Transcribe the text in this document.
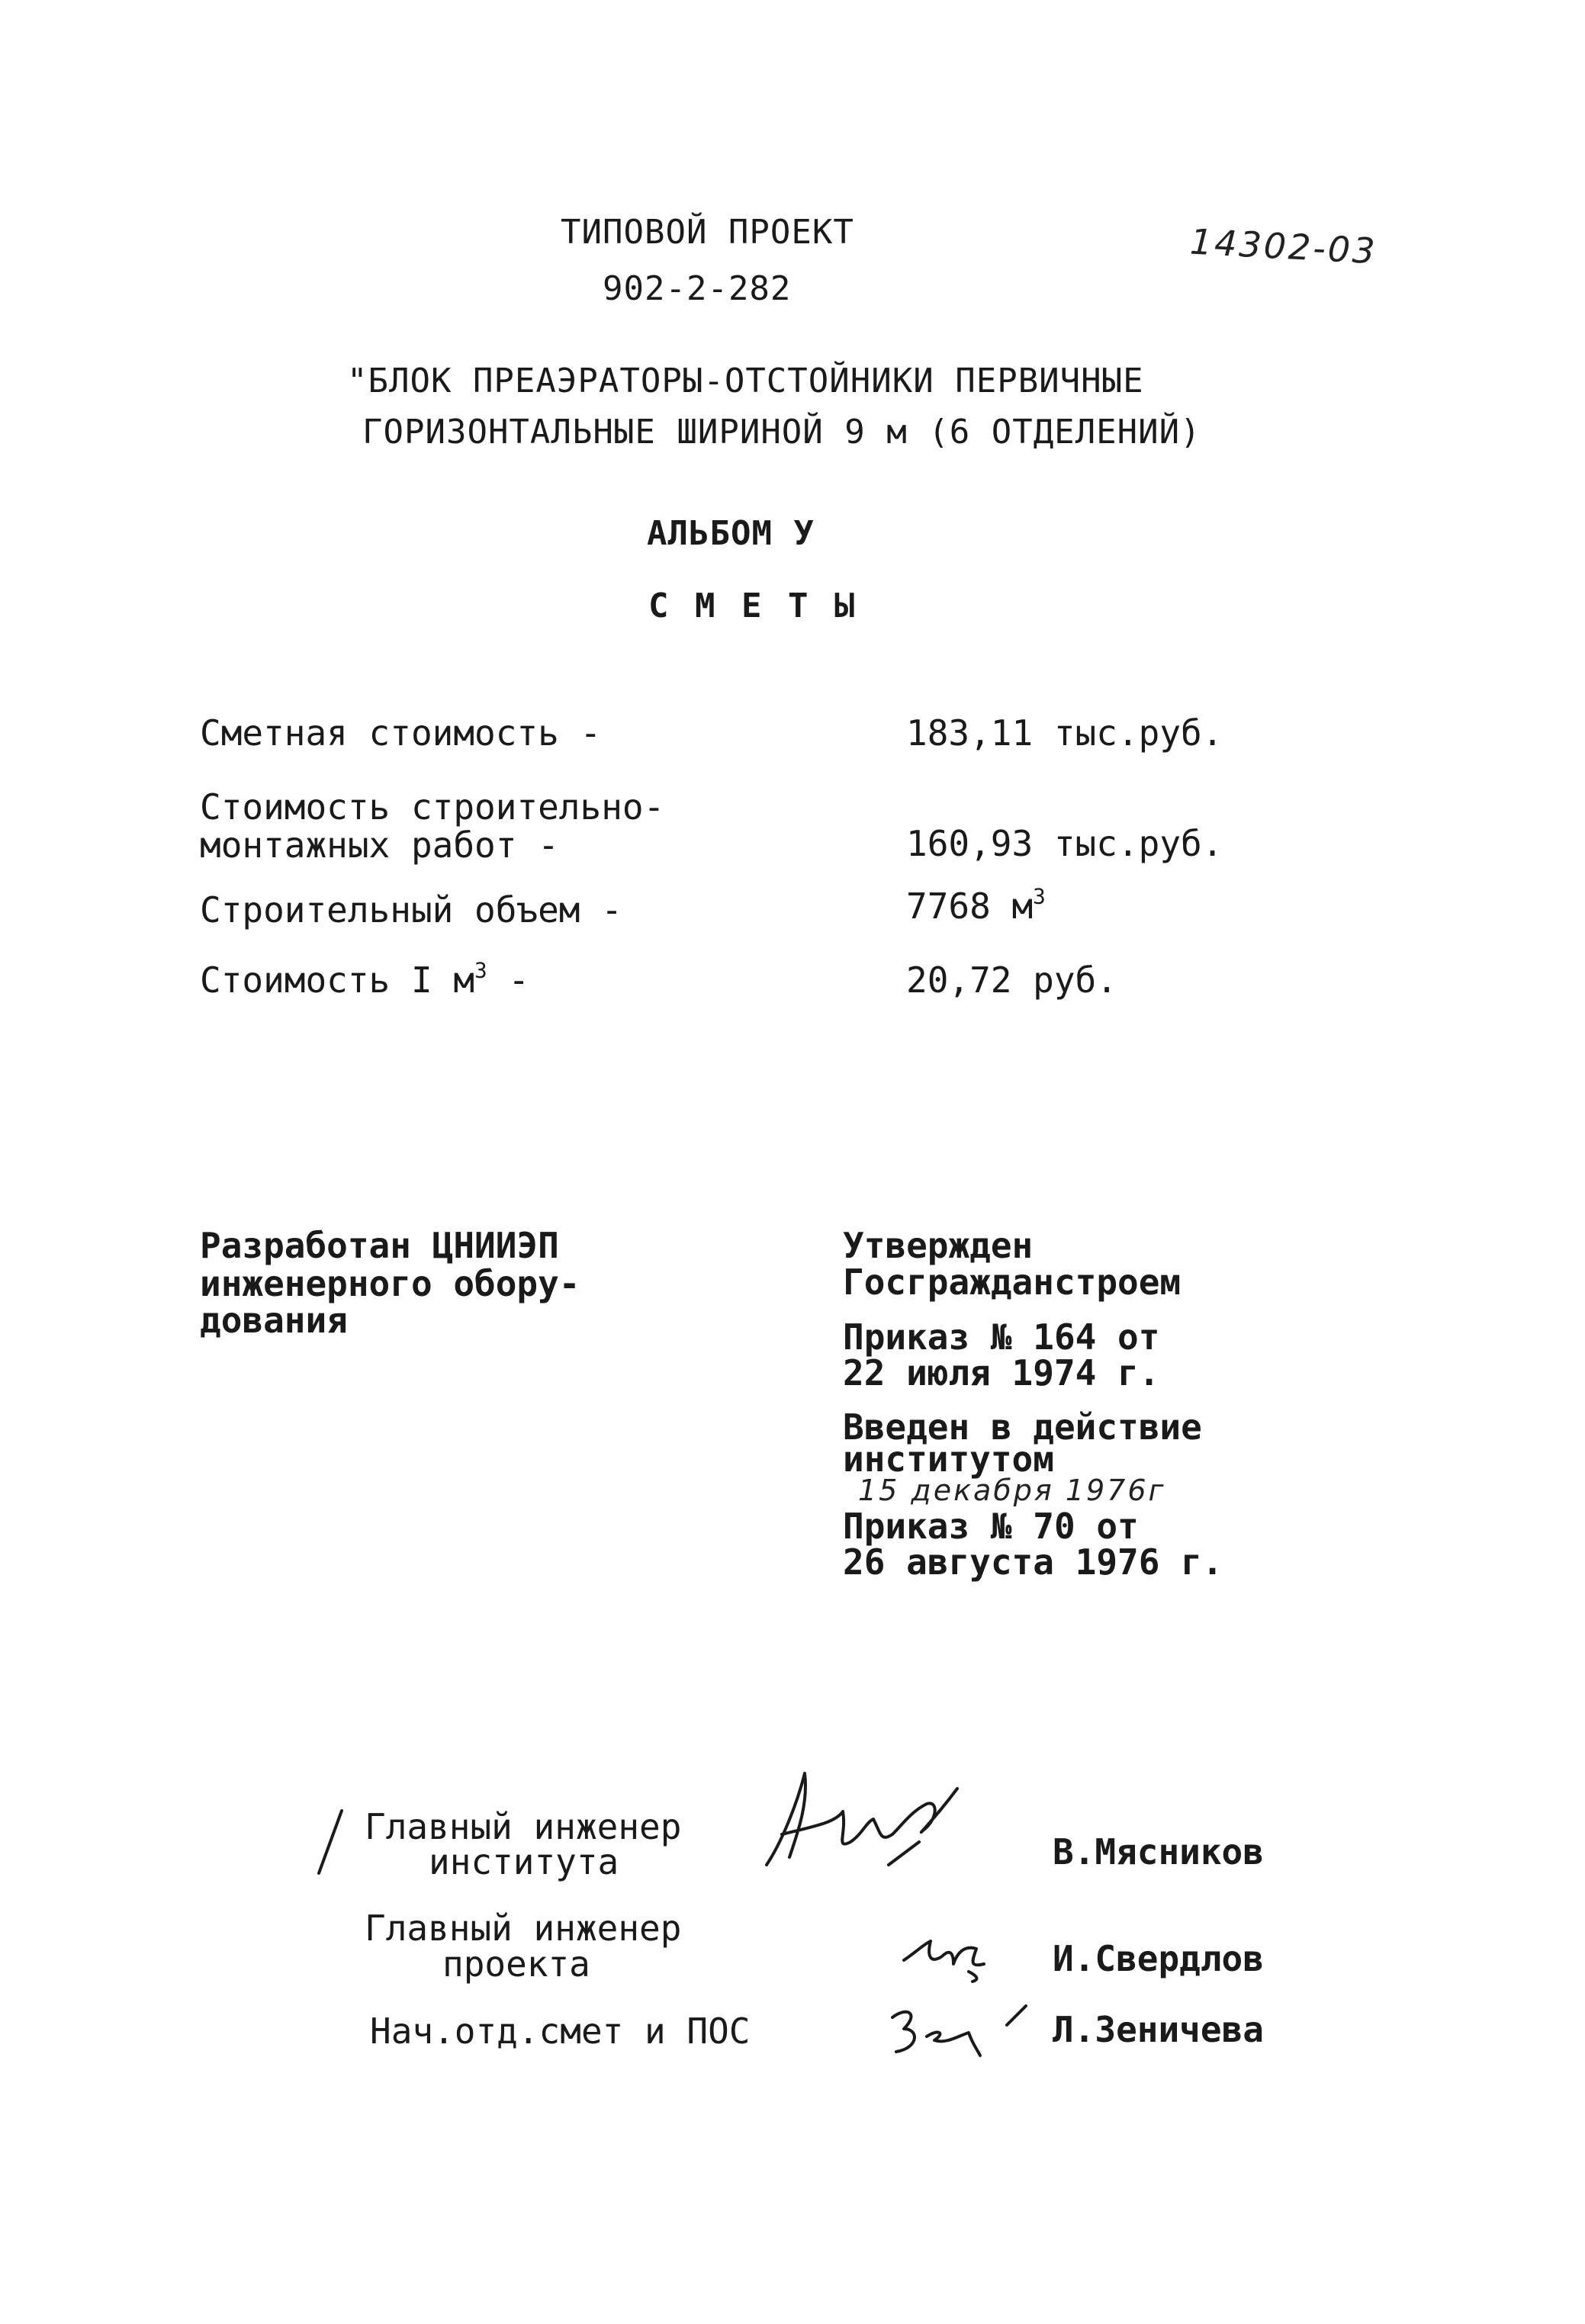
ТИПОВОЙ ПРОЕКТ
902-2-282
14302-03
"БЛОК ПРЕАЭРАТОРЫ-ОТСТОЙНИКИ ПЕРВИЧНЫЕ
ГОРИЗОНТАЛЬНЫЕ ШИРИНОЙ 9 м (6 ОТДЕЛЕНИЙ)
АЛЬБОМ У
С М Е Т Ы
Сметная стоимость -	183,11 тыс.руб.
Стоимость строительно-
монтажных работ -	160,93 тыс.руб.
Строительный объем -	7768 $м^3$
Стоимость I $м^3$ -	20,72 руб.
Разработан ЦНИИЭП
инженерного обору-
дования
Утвержден
Госгражданстроем
Приказ № 164 от
22 июля 1974 г.
Введен в действие
институтом
15 декабря 1976г
Приказ № 70 от
26 августа 1976 г.
Главный инженер
института	В.Мясников
Главный инженер
проекта	И.Свердлов
Нач.отд.смет и ПОС	Л.Зеничева
